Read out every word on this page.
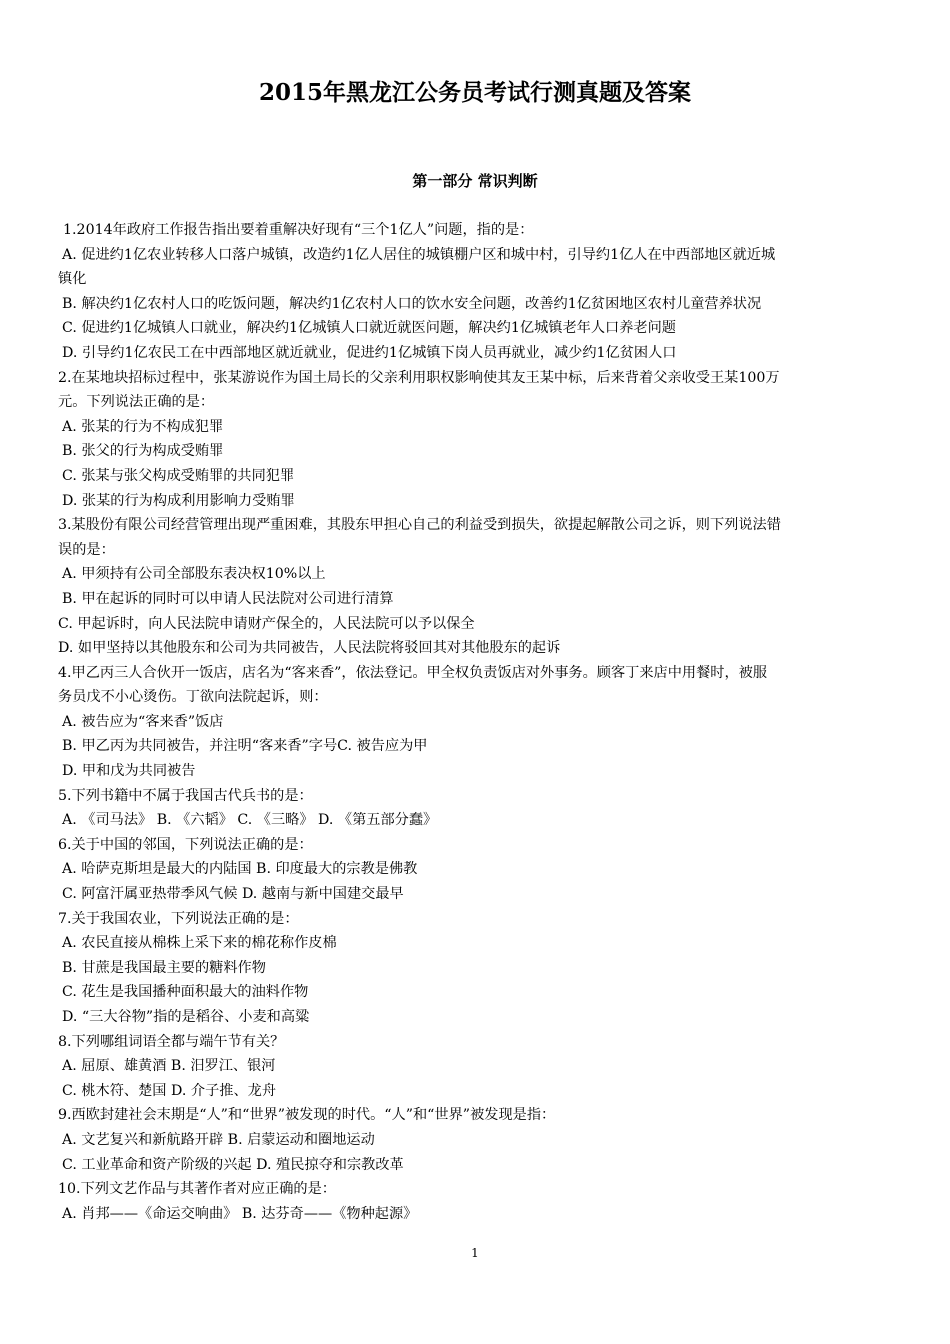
2015年黑龙江公务员考试行测真题及答案
第一部分 常识判断
1.2014年政府工作报告指出要着重解决好现有“三个1亿人”问题，指的是：
A. 促进约1亿农业转移人口落户城镇，改造约1亿人居住的城镇棚户区和城中村，引导约1亿人在中西部地区就近城
镇化
B. 解决约1亿农村人口的吃饭问题，解决约1亿农村人口的饮水安全问题，改善约1亿贫困地区农村儿童营养状况
C. 促进约1亿城镇人口就业，解决约1亿城镇人口就近就医问题，解决约1亿城镇老年人口养老问题
D. 引导约1亿农民工在中西部地区就近就业，促进约1亿城镇下岗人员再就业，减少约1亿贫困人口
2.在某地块招标过程中，张某游说作为国土局长的父亲利用职权影响使其友王某中标，后来背着父亲收受王某100万
元。下列说法正确的是：
A. 张某的行为不构成犯罪
B. 张父的行为构成受贿罪
C. 张某与张父构成受贿罪的共同犯罪
D. 张某的行为构成利用影响力受贿罪
3.某股份有限公司经营管理出现严重困难，其股东甲担心自己的利益受到损失，欲提起解散公司之诉，则下列说法错
误的是：
A. 甲须持有公司全部股东表决权10%以上
B. 甲在起诉的同时可以申请人民法院对公司进行清算
C. 甲起诉时，向人民法院申请财产保全的，人民法院可以予以保全
D. 如甲坚持以其他股东和公司为共同被告，人民法院将驳回其对其他股东的起诉
4.甲乙丙三人合伙开一饭店，店名为“客来香”，依法登记。甲全权负责饭店对外事务。顾客丁来店中用餐时，被服
务员戊不小心烫伤。丁欲向法院起诉，则：
A. 被告应为“客来香”饭店
B. 甲乙丙为共同被告，并注明“客来香”字号C. 被告应为甲
D. 甲和戊为共同被告
5.下列书籍中不属于我国古代兵书的是：
A. 《司马法》 B. 《六韬》 C. 《三略》 D. 《第五部分蠢》
6.关于中国的邻国，下列说法正确的是：
A. 哈萨克斯坦是最大的内陆国 B. 印度最大的宗教是佛教
C. 阿富汗属亚热带季风气候 D. 越南与新中国建交最早
7.关于我国农业，下列说法正确的是：
A. 农民直接从棉株上采下来的棉花称作皮棉
B. 甘蔗是我国最主要的糖料作物
C. 花生是我国播种面积最大的油料作物
D. “三大谷物”指的是稻谷、小麦和高粱
8.下列哪组词语全都与端午节有关？
A. 屈原、雄黄酒 B. 汨罗江、银河
C. 桃木符、楚国 D. 介子推、龙舟
9.西欧封建社会末期是“人”和“世界”被发现的时代。“人”和“世界”被发现是指：
A. 文艺复兴和新航路开辟 B. 启蒙运动和圈地运动
C. 工业革命和资产阶级的兴起 D. 殖民掠夺和宗教改革
10.下列文艺作品与其著作者对应正确的是：
A. 肖邦——《命运交响曲》 B. 达芬奇——《物种起源》
1
